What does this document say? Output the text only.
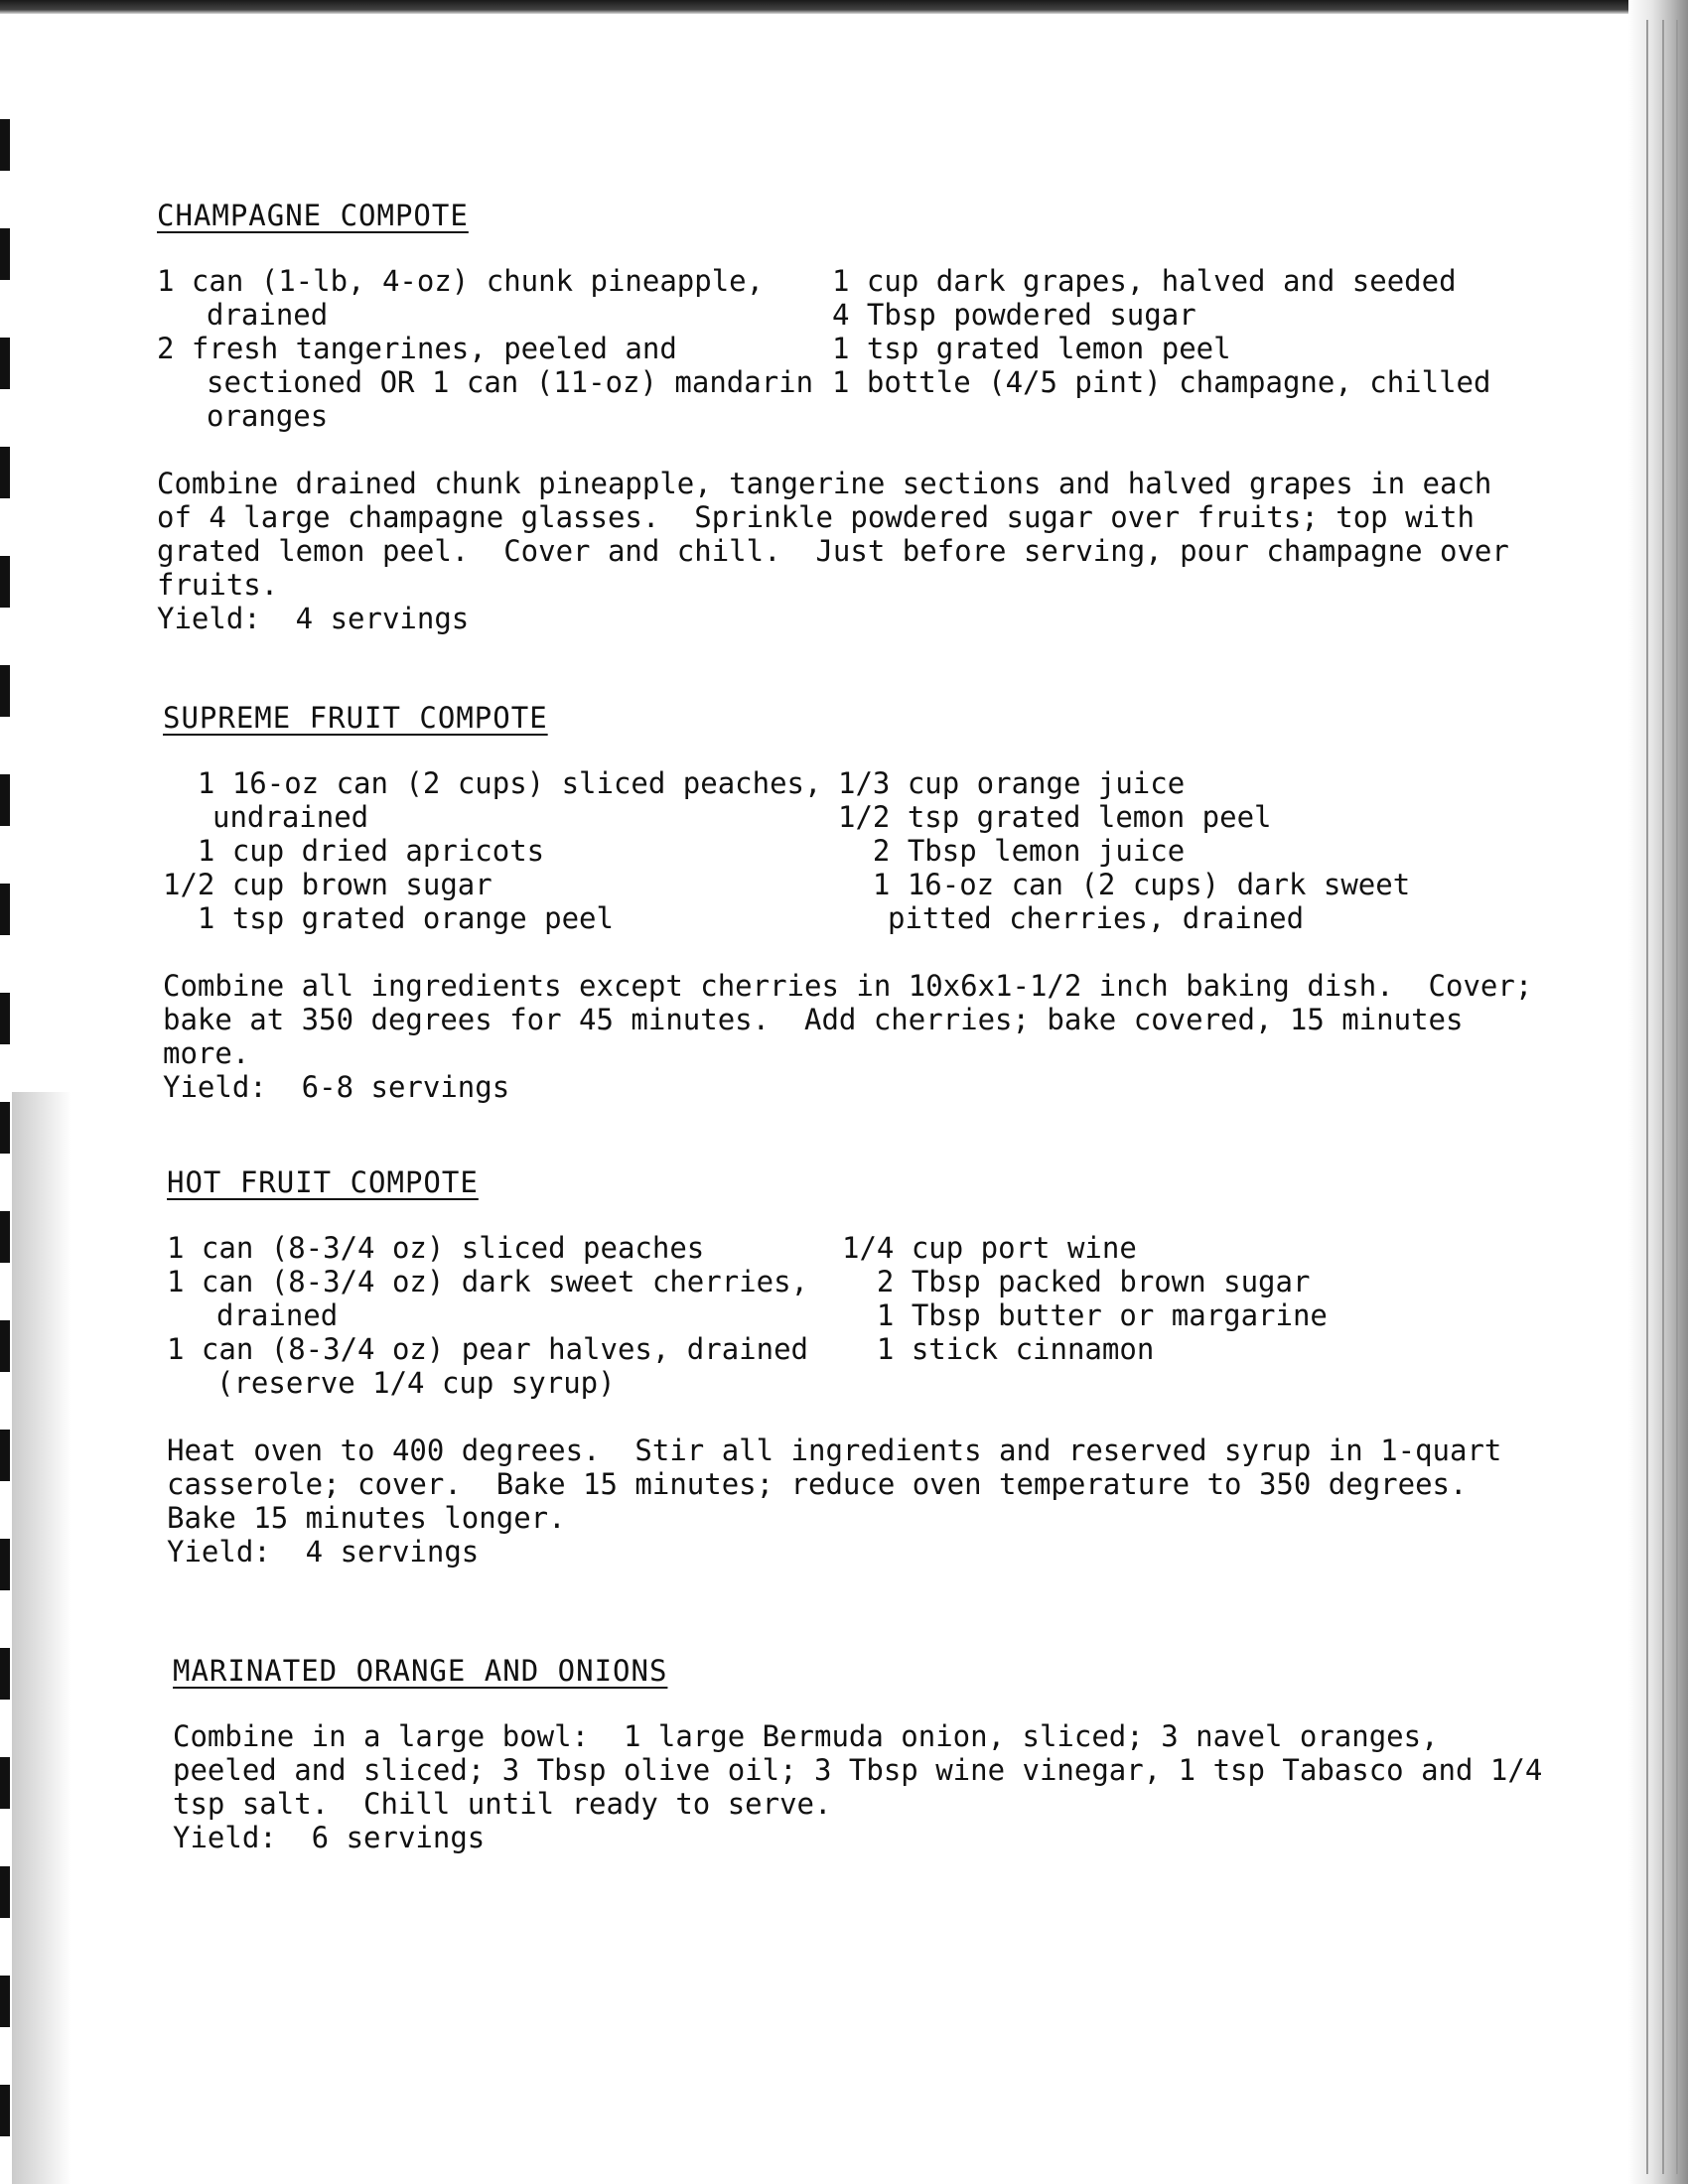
CHAMPAGNE COMPOTE
1 can (1-lb, 4-oz) chunk pineapple, drained
2 fresh tangerines, peeled and sectioned OR 1 can (11-oz) mandarin oranges
1 cup dark grapes, halved and seeded
4 Tbsp powdered sugar
1 tsp grated lemon peel
1 bottle (4/5 pint) champagne, chilled
Combine drained chunk pineapple, tangerine sections and halved grapes in each of 4 large champagne glasses.  Sprinkle powdered sugar over fruits; top with grated lemon peel.  Cover and chill.  Just before serving, pour champagne over fruits.
Yield:  4 servings
SUPREME FRUIT COMPOTE
1 16-oz can (2 cups) sliced peaches, undrained
1 cup dried apricots
1/2 cup brown sugar
1 tsp grated orange peel
1/3 cup orange juice
1/2 tsp grated lemon peel
2 Tbsp lemon juice
1 16-oz can (2 cups) dark sweet pitted cherries, drained
Combine all ingredients except cherries in 10x6x1-1/2 inch baking dish.  Cover; bake at 350 degrees for 45 minutes.  Add cherries; bake covered, 15 minutes more.
Yield:  6-8 servings
HOT FRUIT COMPOTE
1 can (8-3/4 oz) sliced peaches
1 can (8-3/4 oz) dark sweet cherries, drained
1 can (8-3/4 oz) pear halves, drained (reserve 1/4 cup syrup)
1/4 cup port wine
2 Tbsp packed brown sugar
1 Tbsp butter or margarine
1 stick cinnamon
Heat oven to 400 degrees.  Stir all ingredients and reserved syrup in 1-quart casserole; cover.  Bake 15 minutes; reduce oven temperature to 350 degrees. Bake 15 minutes longer.
Yield:  4 servings
MARINATED ORANGE AND ONIONS
Combine in a large bowl:  1 large Bermuda onion, sliced; 3 navel oranges, peeled and sliced; 3 Tbsp olive oil; 3 Tbsp wine vinegar, 1 tsp Tabasco and 1/4 tsp salt.  Chill until ready to serve.
Yield:  6 servings
